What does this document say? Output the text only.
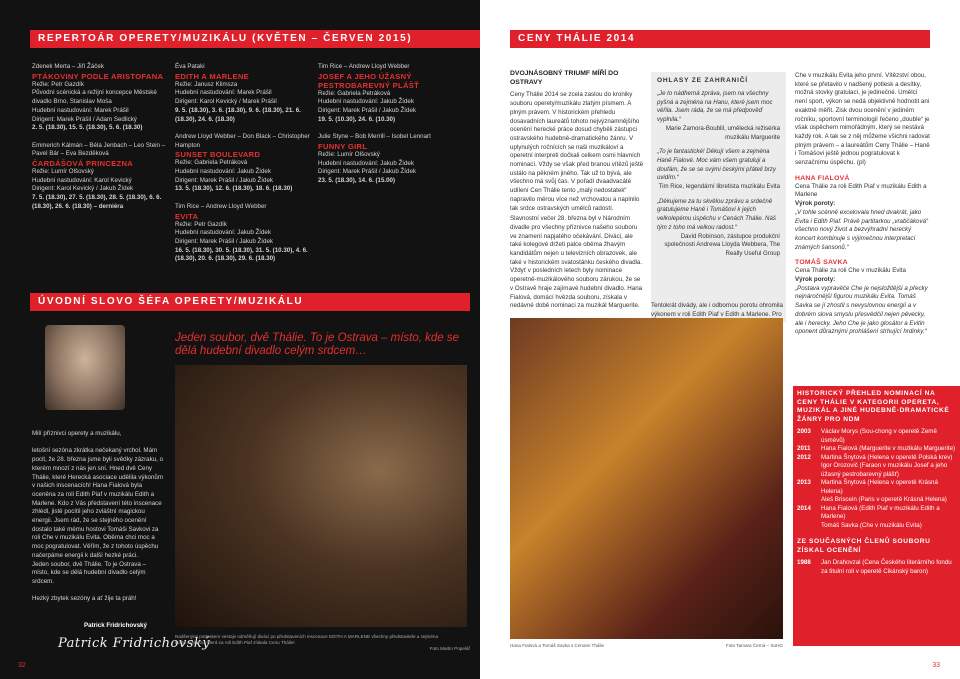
REPERTOÁR OPERETY/MUZIKÁLU (KVĚTEN – ČERVEN 2015)	CENY THÁLIE 2014
ÚVODNÍ SLOVO ŠÉFA OPERETY/MUZIKÁLU
Zdenek Merta – Jiří Žáček
PTÁKOVINY PODLE ARISTOFANA
Režie: Petr Gazdík
Původní scénická a režijní koncepce Městské divadlo Brno, Stanislav Moša
Hudební nastudování: Marek Prášil
Dirigent: Marek Prášil / Adam Sedlický
2. 5. (18.30), 15. 5. (18.30), 5. 6. (18.30)
Emmerich Kálmán – Béla Jenbach – Leo Stein – Pavel Bár – Eva Bezděková
ČARDÁŠOVÁ PRINCEZNA
Režie: Lumír Olšovský
Hudební nastudování: Karol Kevický
Dirigent: Karol Kevický / Jakub Žídek
7. 5. (18.30), 27. 5. (18.30), 28. 5. (18.30), 6. 6. (18.30), 26. 6. (18.30) – derniéra
Éva Pataki
EDITH A MARLENE
Režie: Janusz Klimsza
Hudební nastudování: Marek Prášil
Dirigent: Karol Kevický / Marek Prášil
9. 5. (18.30), 3. 6. (18.30), 9. 6. (18.30), 21. 6. (18.30), 24. 6. (18.30)
Andrew Lloyd Webber – Don Black – Christopher Hampton
SUNSET BOULEVARD
Režie: Gabriela Petráková
Hudební nastudování: Jakub Žídek
Dirigent: Marek Prášil / Jakub Žídek
13. 5. (18.30), 12. 6. (18.30), 18. 6. (18.30)
Tim Rice – Andrew Lloyd Webber
EVITA
Režie: Petr Gazdík
Hudební nastudování: Jakub Žídek
Dirigent: Marek Prášil / Jakub Žídek
16. 5. (18.30), 30. 5. (18.30), 31. 5. (10.30), 4. 6. (18.30), 20. 6. (18.30), 29. 6. (18.30)
Tim Rice – Andrew Lloyd Webber
JOSEF A JEHO ÚŽASNÝ PESTROBAREVNÝ PLÁŠŤ
Režie: Gabriela Petráková
Hudební nastudování: Jakub Žídek
Dirigent: Marek Prášil / Jakub Žídek
19. 5. (10.30), 24. 6. (10.30)
Julie Styne – Bob Merrill – Isobel Lennart
FUNNY GIRL
Režie: Lumír Olšovský
Hudební nastudování: Jakub Žídek
Dirigent: Marek Prášil / Jakub Žídek
23. 5. (18.30), 14. 6. (15.00)
Jeden soubor, dvě Thálie. To je Ostrava – místo, kde se dělá hudební divadlo celým srdcem…
Milí příznivci operety a muzikálu,
letošní sezóna zkrátka nečekaný vrchol. Mám pocit, že 28. března jsme byli svědky zázraku, o kterém mnozí z nás jen sní. Hned dvě Ceny Thálie, které Herecká asociace udělila výkonům v našich inscenacích! Hana Fialová byla oceněna za roli Edith Piaf v muzikálu Edith a Marlene. Kdo z Vás představení této inscenace zhlédl, jistě pocítil jeho zvláštní magickou energii. Jsem rád, že se stejného ocenění dostalo také mému hostovi Tomáši Savkovi za roli Che v muzikálu Evita. Oběma chci moc a moc pogratulovat. Věřím, že z tohoto úspěchu načerpáme energii k další hezké práci.
Jeden soubor, dvě Thálie. To je Ostrava – místo, kde se dělá hudební divadlo celým srdcem.
Hezký zbytek sezóny a ať žije ta práh!
Patrick Fridrichovský
Patrick Fridrichovský
Nadšenými potleskem vestoje odměňují diváci po představeních inscenace EDITH A MARLENE všechny představitele a zejména Hanu Fialovou, která za roli Edith Piaf získala Cenu Thálie!
Foto Martin Popelář
DVOJNÁSOBNÝ TRIUMF MÍŘÍ DO OSTRAVY
Ceny Thálie 2014 se zcela zaslou do kroniky souboru operety/muzikálu zlatým písmem. A plným právem. V historickém přehledu dosavadních laureátů tohoto nejvýznamnějšího ocenění herecké práce dosud chyběli zástupci ostravského hudebně-dramatického žánru. V uplynulých ročnících se naši muzikáloví a operetní interpreti dočkali celkem osmi hlavních nominací. Vždy se však před branou vítězů ještě ustálo na pěkném jiného. Tak už to bývá, ale všechno má svůj čas. V pořadí dvaadvacáté udílení Cen Thálie tento „malý nedostatek“ napravilo mérou více než vrchovatou a naplnilo tak srdce ostravských umělců radostí.
Slavnostní večer 28. března byl v Národním divadle pro všechny příznivce našeho souboru ve znamení napjatého očekávání. Diváci, ale také kolegové držeti palce oběma žhavým kandidátům nejen u televizních obrazovek, ale také v historickém svatostánku českého divadla. Vždyť v posledních letech byly nominace operetně-muzikálového souboru zárukou, že se v Ostravě hraje zajímavé hudební divadlo. Hana Fialová, domácí hvězda souboru, získala v nedávné době nominaci za muzikál Marguerite.
OHLASY ZE ZAHRANIČÍ
„Je to nádherná zpráva, jsem na všechny pyšná a zejména na Hanu, které jsem moc věřila. Jsem ráda, že se má předpověď vyplnila.“
Marie Zamora-Boublil, umělecká režisérka muzikálu Marguerite
„To je fantastické! Děkují všem a zejména Haně Fialové. Moc vám všem gratuluji a doufám, že se se svými českými přáteli brzy uvidím.“
Tim Rice, legendární libretista muzikálu Evita
„Děkujeme za tu skvělou zprávu a srdečně gratulujeme Haně i Tomášovi k jejich velkolepému úspěchu v Cenách Thálie. Náš tým z toho má velkou radost.“
David Robinson, zástupce produkční společnosti Andrewa Lloyda Webbera, The Really Useful Group
Tentokrát divády, ale i odbornou porotu ohromila výkonem v roli Edith Piaf v Edith a Marlene. Pro
Che v muzikálu Evita jeho první. Vítězství obou, které se přetavilo v nadšený potlesk a desítky, možná stovky gratulací, je jedinečné. Umělci není sport, výkon se nedá objektivně hodnotit ani exaktně měřit. Zisk dvou ocenění v jediném ročníku, sportovní terminologií řečeno „double“ je však úspěchem mimořádným, který se nestává každý rok. A tak se z něj můžeme všichni radovat plným právem – a laureátům Ceny Thálie – Haně i Tomášovi ještě jednou pogratulovat k senzačnímu úspěchu. (pl)
HANA FIALOVÁ
Cena Thálie za roli Edith Piaf v muzikálu Edith a Marlene
Výrok poroty:
„V tohle scénně excelovala hned dvakrát, jako Evita i Edith Piaf. Právě partitarkou „vrabčáková“ všechno nový život a bezvýhradní herecký koncert kombinuje s výjimečnou interpretací známých šansonů.“
TOMÁŠ SAVKA
Cena Thálie za roli Che v muzikálu Evita
Výrok poroty:
„Postava vypravěče Che je nejsložitější a přecky nejnáročnější figurou muzikálu Evita. Tomáš Savka se jí zhostil s nevyslovnou energií a v dobrém slova smyslu přesvědčil nejen pěvecky, ale i herecky. Jeho Che je jako glosátor a Evitin oponent důraznými prohlášení strhující hrdinky.“
Hana Fialová a Tomáš Savka s Cenami Thálie	Foto Tamara Černá – SoHG
HISTORICKÝ PŘEHLED NOMINACÍ NA CENY THÁLIE V KATEGORII OPERETA, MUZIKÁL A JINÉ HUDEBNĚ-DRAMATICKÉ ŽÁNRY PRO NDM
2003	Václav Morys (Sou-chong v operetě Země úsměvů)
2011	Hana Fialová (Marguerite v muzikálu Marguerite)
2012	Martina Šnytová (Helena v operetě Polská krev)
Igor Orozovič (Faraon v muzikálu Josef a jeho úžasný pestrobarevný plášť)
2013	Martina Šnytová (Helena v operetě Krásná Helena)
Aleš Briscein (Paris v operetě Krásná Helena)
2014	Hana Fialová (Edith Piaf v muzikálu Edith a Marlene)
Tomáš Savka (Che v muzikálu Evita)
ZE SOUČASNÝCH ČLENŮ SOUBORU ZÍSKAL OCENĚNÍ
1988	Jan Drahovzal (Cena Českého literárního fondu za titulní roli v operetě Cikánský baron)
32	33
